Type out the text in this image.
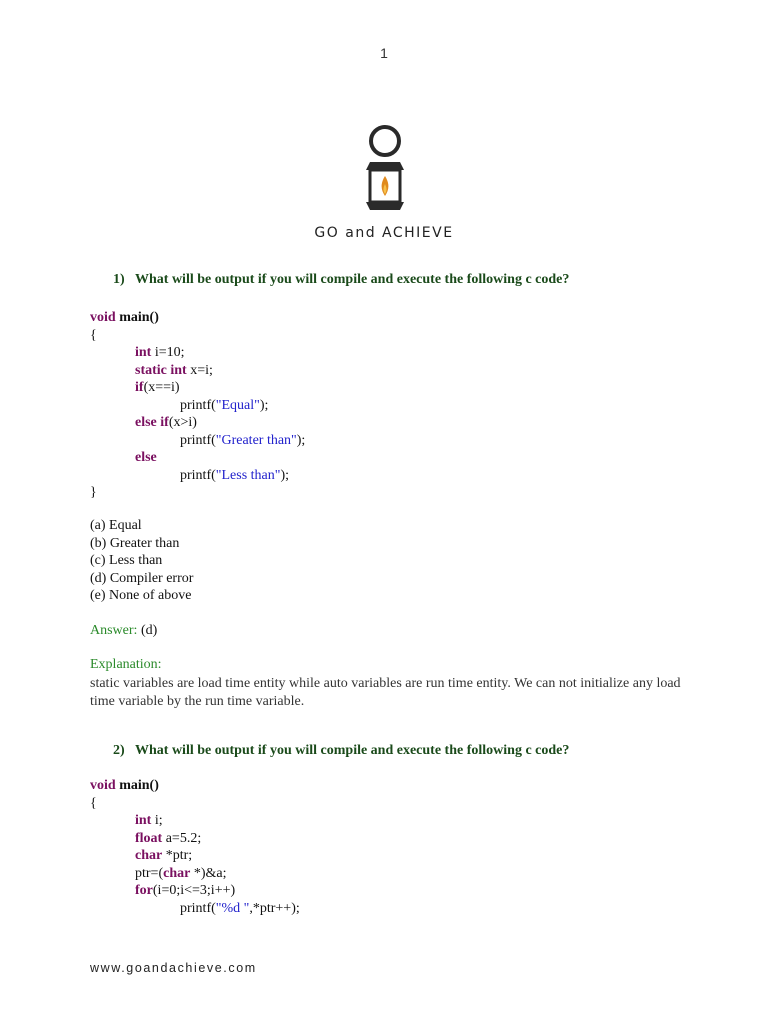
1
GO and ACHIEVE
1) What will be output if you will compile and execute the following c code?
void main()
{
int i=10;
static int x=i;
if(x==i)
printf("Equal");
else if(x>i)
printf("Greater than");
else
printf("Less than");
}
(a) Equal
(b) Greater than
(c) Less than
(d) Compiler error
(e) None of above
Answer: (d)
Explanation:
static variables are load time entity while auto variables are run time entity. We can not initialize any load
time variable by the run time variable.
2) What will be output if you will compile and execute the following c code?
void main()
{
int i;
float a=5.2;
char *ptr;
ptr=(char *)&a;
for(i=0;i<=3;i++)
printf("%d ",*ptr++);
www.goandachieve.com
